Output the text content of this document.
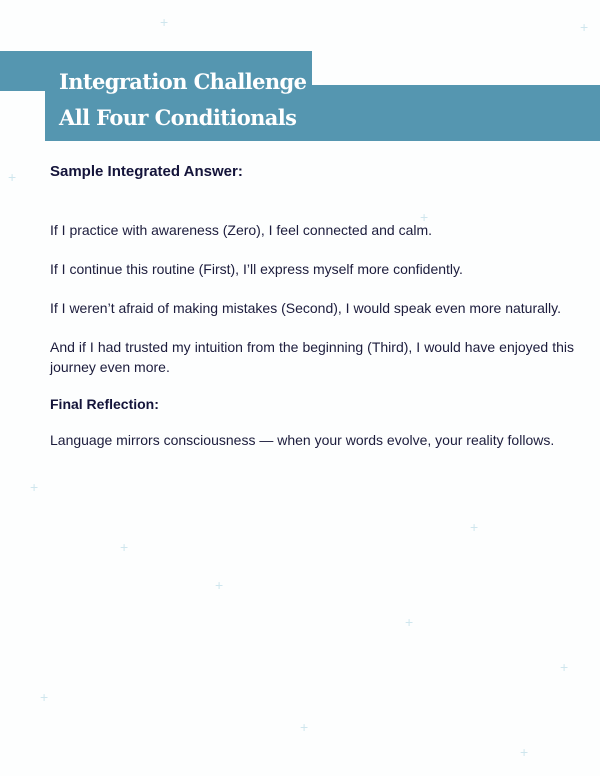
+
+
+
+
+
+
+
+
+
+
+
+
+
Integration Challenge –
All Four Conditionals
Sample Integrated Answer:

If I practice with awareness (Zero), I feel connected and calm.

If I continue this routine (First), I’ll express myself more confidently.

If I weren’t afraid of making mistakes (Second), I would speak even more naturally.

And if I had trusted my intuition from the beginning (Third), I would have enjoyed this journey even more.

Final Reflection:

Language mirrors consciousness — when your words evolve, your reality follows.
